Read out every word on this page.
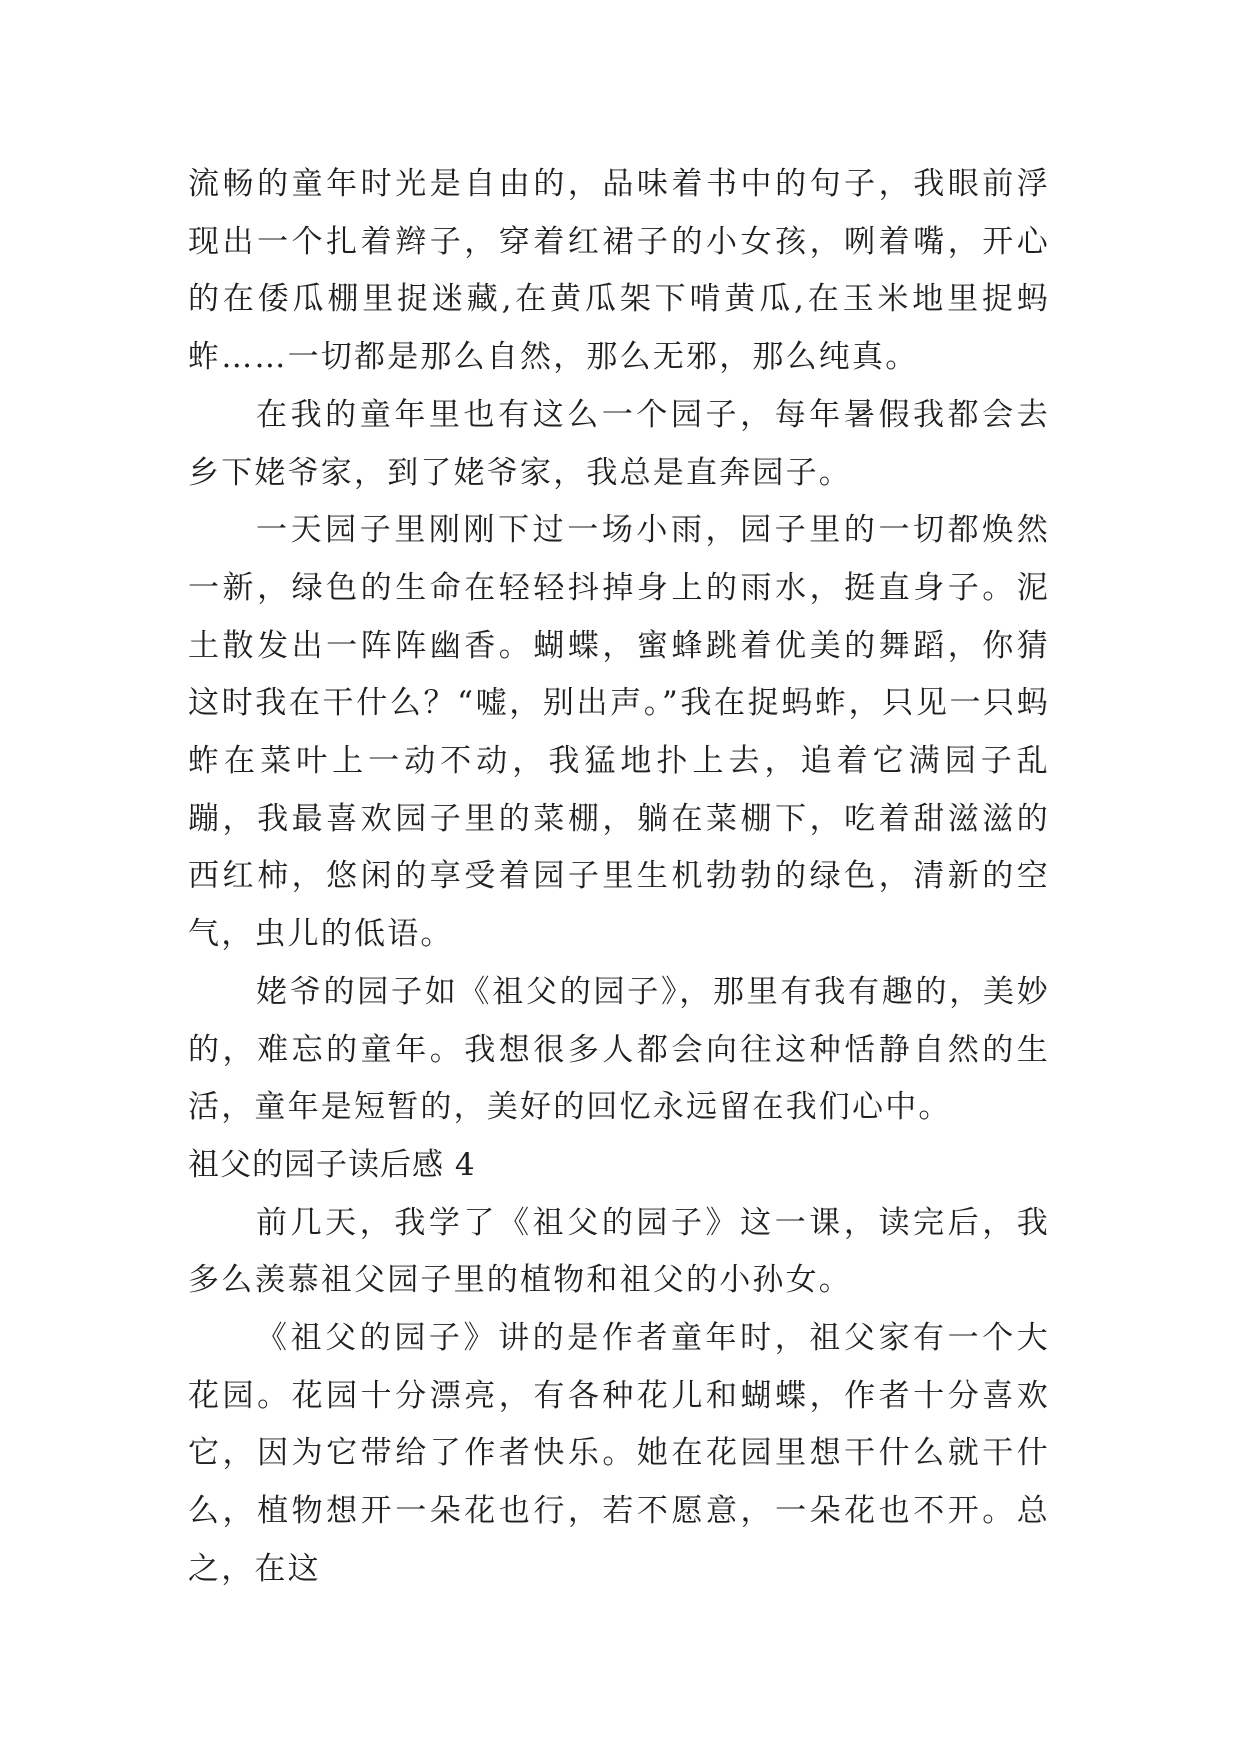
流畅的童年时光是自由的，品味着书中的句子，我眼前浮现出一个扎着辫子，穿着红裙子的小女孩，咧着嘴，开心的在倭瓜棚里捉迷藏,在黄瓜架下啃黄瓜,在玉米地里捉蚂蚱……一切都是那么自然，那么无邪，那么纯真。

在我的童年里也有这么一个园子，每年暑假我都会去乡下姥爷家，到了姥爷家，我总是直奔园子。

一天园子里刚刚下过一场小雨，园子里的一切都焕然一新，绿色的生命在轻轻抖掉身上的雨水，挺直身子。泥土散发出一阵阵幽香。蝴蝶，蜜蜂跳着优美的舞蹈，你猜这时我在干什么？“嘘，别出声。”我在捉蚂蚱，只见一只蚂蚱在菜叶上一动不动，我猛地扑上去，追着它满园子乱蹦，我最喜欢园子里的菜棚，躺在菜棚下，吃着甜滋滋的西红柿，悠闲的享受着园子里生机勃勃的绿色，清新的空气，虫儿的低语。

姥爷的园子如《祖父的园子》，那里有我有趣的，美妙的，难忘的童年。我想很多人都会向往这种恬静自然的生活，童年是短暂的，美好的回忆永远留在我们心中。

祖父的园子读后感 4

前几天，我学了《祖父的园子》这一课，读完后，我多么羡慕祖父园子里的植物和祖父的小孙女。

《祖父的园子》讲的是作者童年时，祖父家有一个大花园。花园十分漂亮，有各种花儿和蝴蝶，作者十分喜欢它，因为它带给了作者快乐。她在花园里想干什么就干什么，植物想开一朵花也行，若不愿意，一朵花也不开。总之，在这
